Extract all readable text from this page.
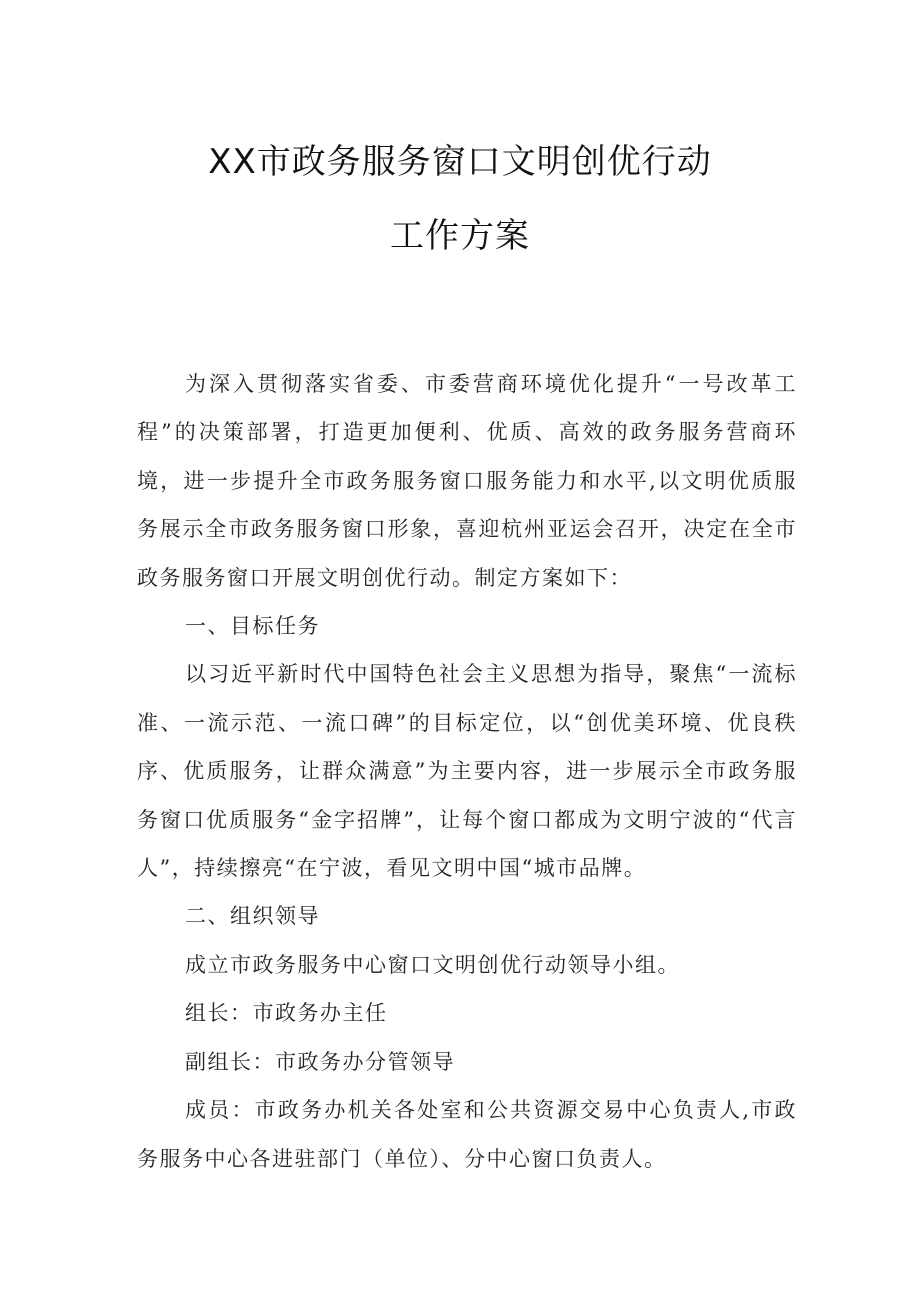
XX市政务服务窗口文明创优行动
工作方案

为深入贯彻落实省委、市委营商环境优化提升“一号改革工程”的决策部署，打造更加便利、优质、高效的政务服务营商环境，进一步提升全市政务服务窗口服务能力和水平,以文明优质服务展示全市政务服务窗口形象，喜迎杭州亚运会召开，决定在全市政务服务窗口开展文明创优行动。制定方案如下：

一、目标任务

以习近平新时代中国特色社会主义思想为指导，聚焦“一流标准、一流示范、一流口碑”的目标定位，以“创优美环境、优良秩序、优质服务，让群众满意”为主要内容，进一步展示全市政务服务窗口优质服务“金字招牌”，让每个窗口都成为文明宁波的“代言人”，持续擦亮“在宁波，看见文明中国“城市品牌。

二、组织领导

成立市政务服务中心窗口文明创优行动领导小组。

组长：市政务办主任

副组长：市政务办分管领导

成员：市政务办机关各处室和公共资源交易中心负责人,市政务服务中心各进驻部门（单位）、分中心窗口负责人。
